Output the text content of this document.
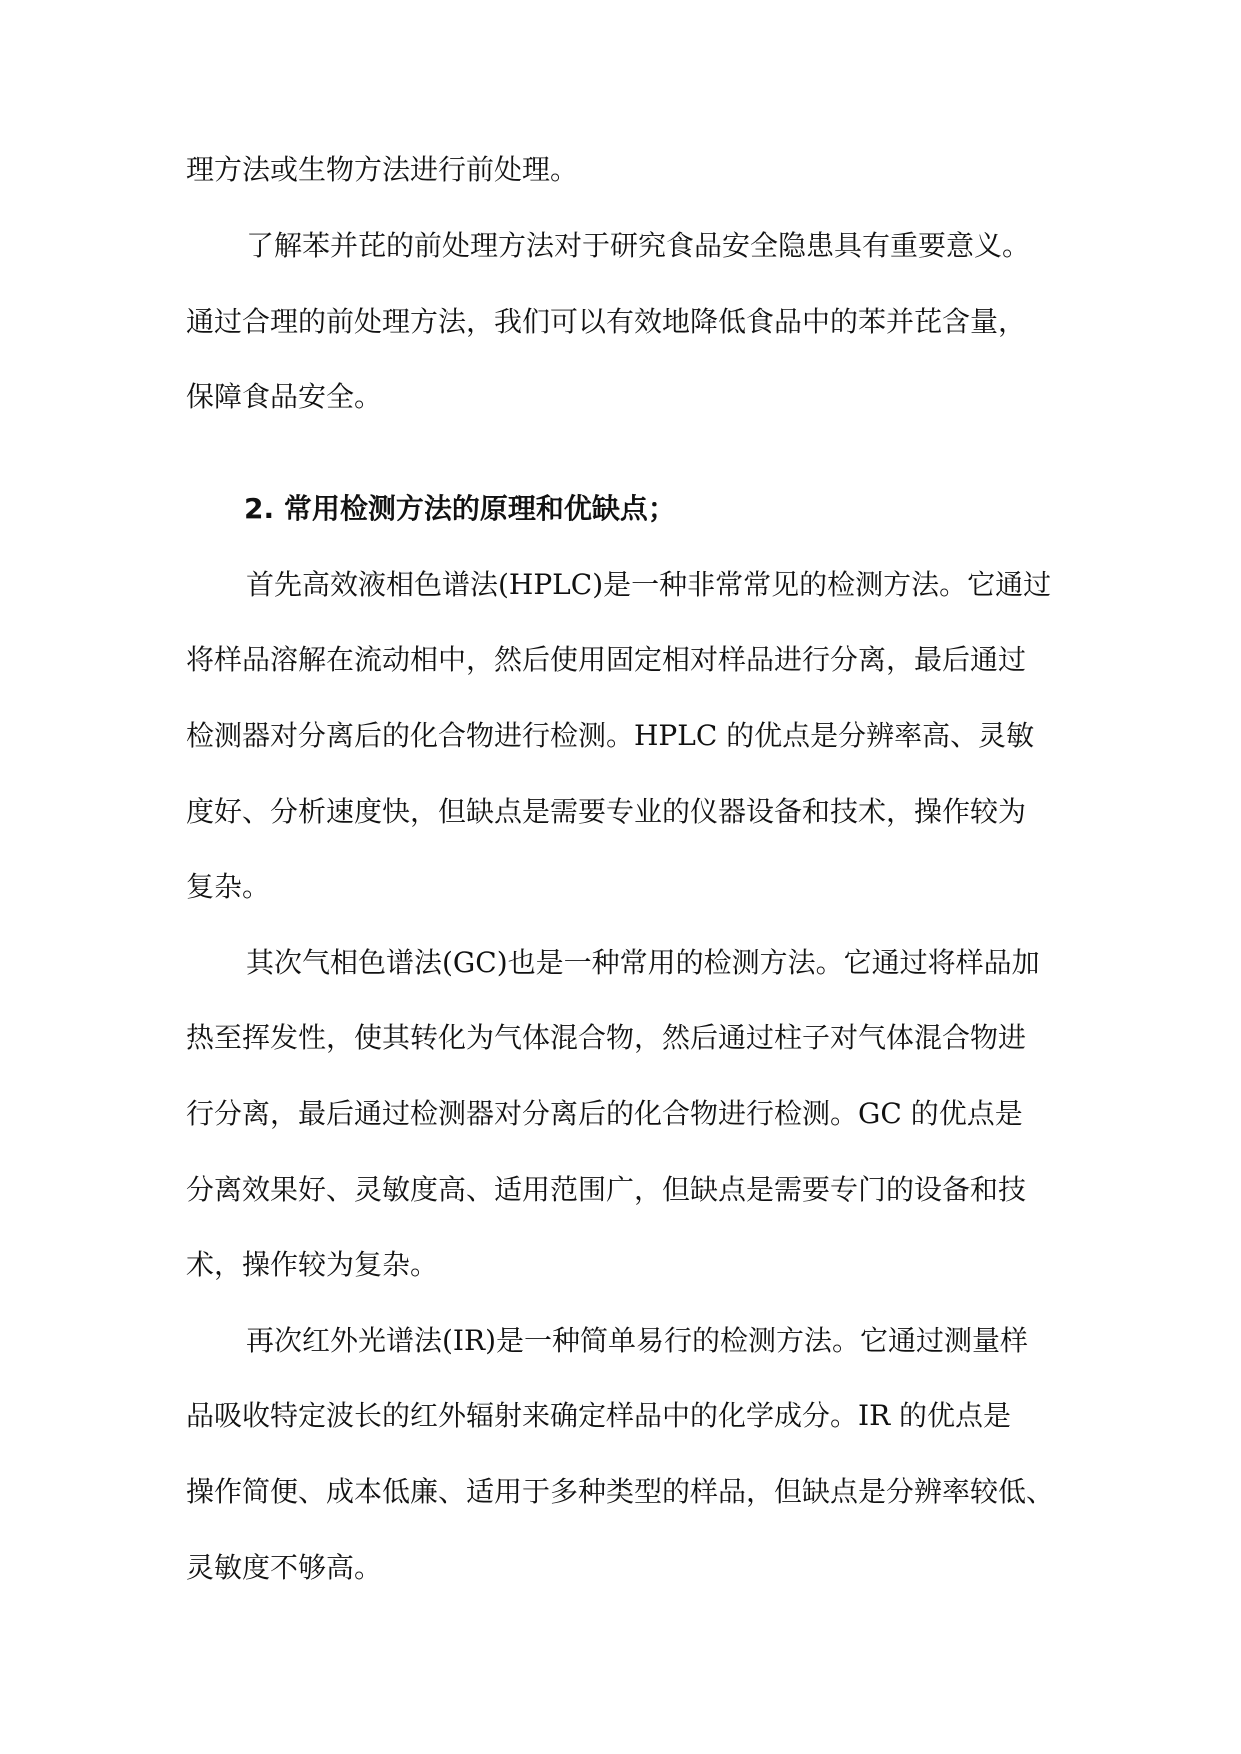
理方法或生物方法进行前处理。
了解苯并芘的前处理方法对于研究食品安全隐患具有重要意义。
通过合理的前处理方法，我们可以有效地降低食品中的苯并芘含量，
保障食品安全。
2. 常用检测方法的原理和优缺点；
首先高效液相色谱法(HPLC)是一种非常常见的检测方法。它通过
将样品溶解在流动相中，然后使用固定相对样品进行分离，最后通过
检测器对分离后的化合物进行检测。HPLC 的优点是分辨率高、灵敏
度好、分析速度快，但缺点是需要专业的仪器设备和技术，操作较为
复杂。
其次气相色谱法(GC)也是一种常用的检测方法。它通过将样品加
热至挥发性，使其转化为气体混合物，然后通过柱子对气体混合物进
行分离，最后通过检测器对分离后的化合物进行检测。GC 的优点是
分离效果好、灵敏度高、适用范围广，但缺点是需要专门的设备和技
术，操作较为复杂。
再次红外光谱法(IR)是一种简单易行的检测方法。它通过测量样
品吸收特定波长的红外辐射来确定样品中的化学成分。IR 的优点是
操作简便、成本低廉、适用于多种类型的样品，但缺点是分辨率较低、
灵敏度不够高。
